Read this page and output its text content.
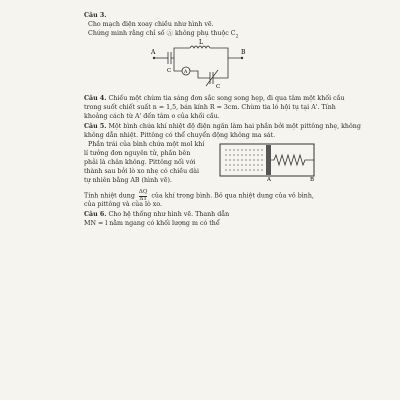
Câu 3.
Cho mạch điện xoay chiều như hình vẽ.
Chứng minh rằng chỉ số Ⓐ không phụ thuộc $C_2$
A	B
L
C
C
A
Câu 4. Chiếu một chùm tia sáng đơn sắc song song hẹp, đi qua tâm một khối cầu
trong suốt chiết suất n = 1,5, bán kính R = 3cm. Chùm tia ló hội tụ tại A'. Tính
khoảng cách từ A' đến tâm o của khối cầu.
Câu 5. Một bình chứa khí nhiệt độ điện ngăn làm hai phần bởi một pittông nhẹ, không
không dẫn nhiệt. Pittông có thể chuyển động không ma sát.
Phần trái của bình chứa một mol khí
lí tưởng đơn nguyên tử, phần bên
phải là chân không. Pittông nối với
thành sau bởi lò xo nhẹ có chiều dài
tự nhiên bằng AB (hình vẽ).	A	B
Tính nhiệt dung $\frac{\Delta Q}{\Delta T}$ của khí trong bình. Bỏ qua nhiệt dung của vỏ bình,
của pittông và của lò xo.
Câu 6. Cho hệ thống như hình vẽ. Thanh dẫn
MN = l nằm ngang có khối lượng m có thể
